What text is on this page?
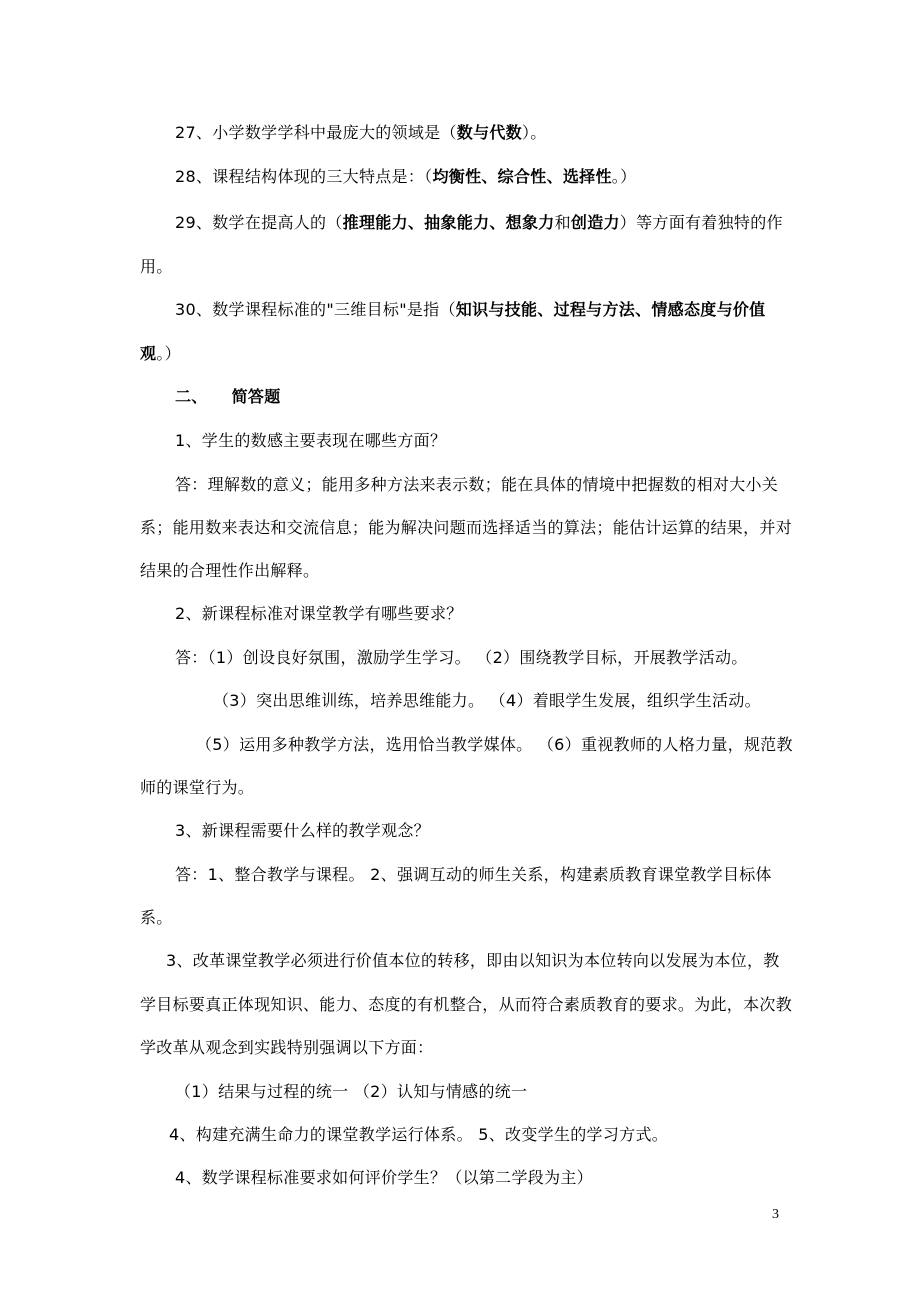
27、小学数学学科中最庞大的领域是（数与代数）。
28、课程结构体现的三大特点是：（均衡性、综合性、选择性。）
29、数学在提高人的（推理能力、抽象能力、想象力和创造力）等方面有着独特的作
用。
30、数学课程标准的"三维目标"是指（知识与技能、过程与方法、情感态度与价值
观。）
二、 简答题
1、学生的数感主要表现在哪些方面？
答：理解数的意义；能用多种方法来表示数；能在具体的情境中把握数的相对大小关
系；能用数来表达和交流信息；能为解决问题而选择适当的算法；能估计运算的结果，并对
结果的合理性作出解释。
2、新课程标准对课堂教学有哪些要求？
答：（1）创设良好氛围，激励学生学习。 （2）围绕教学目标，开展教学活动。
（3）突出思维训练，培养思维能力。 （4）着眼学生发展，组织学生活动。
（5）运用多种教学方法，选用恰当教学媒体。 （6）重视教师的人格力量，规范教
师的课堂行为。
3、新课程需要什么样的教学观念？
答：1、整合教学与课程。 2、强调互动的师生关系，构建素质教育课堂教学目标体
系。
3、改革课堂教学必须进行价值本位的转移，即由以知识为本位转向以发展为本位，教
学目标要真正体现知识、能力、态度的有机整合，从而符合素质教育的要求。为此，本次教
学改革从观念到实践特别强调以下方面：
（1）结果与过程的统一 （2）认知与情感的统一
4、构建充满生命力的课堂教学运行体系。 5、改变学生的学习方式。
4、数学课程标准要求如何评价学生？（以第二学段为主）
3
